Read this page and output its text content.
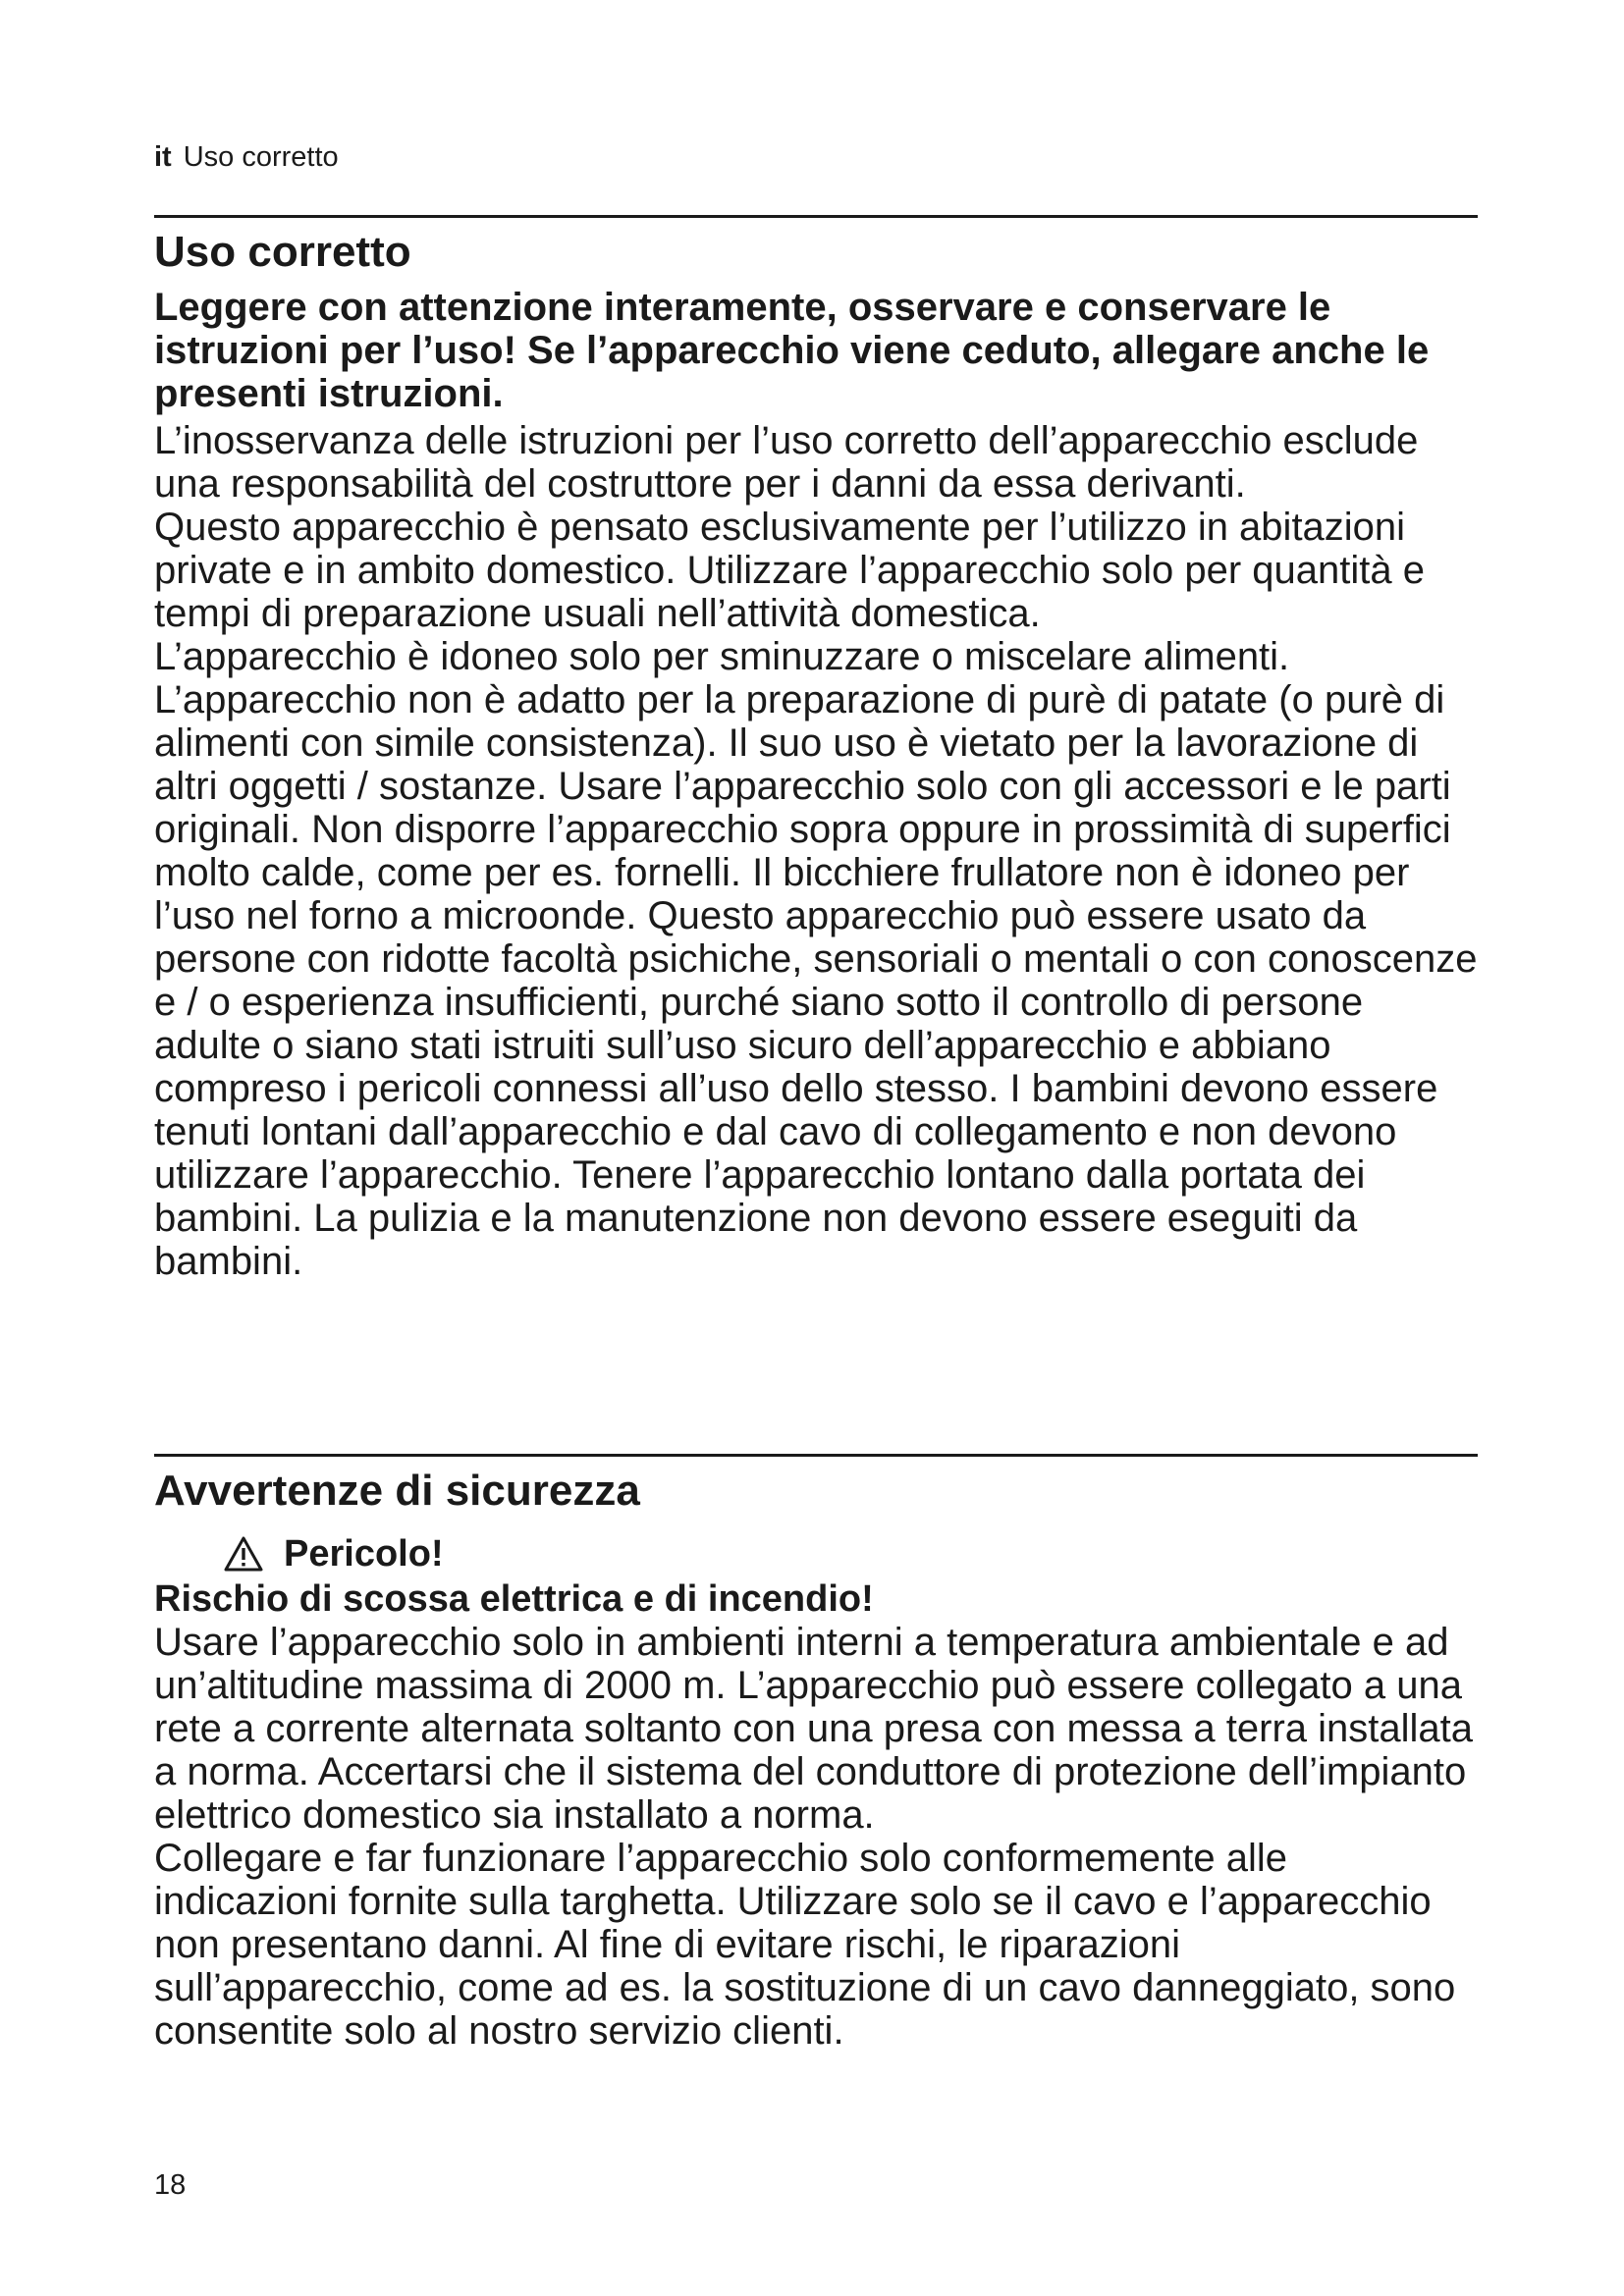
it Uso corretto
Uso corretto

Leggere con attenzione interamente, osservare e conservare le istruzioni per l’uso! Se l’apparecchio viene ceduto, allegare anche le presenti istruzioni.

L’inosservanza delle istruzioni per l’uso corretto dell’apparecchio esclude una responsabilità del costruttore per i danni da essa derivanti.

Questo apparecchio è pensato esclusivamente per l’utilizzo in abitazioni private e in ambito domestico. Utilizzare l’apparecchio solo per quantità e tempi di preparazione usuali nell’attività domestica.

L’apparecchio è idoneo solo per sminuzzare o miscelare alimenti. L’apparecchio non è adatto per la preparazione di purè di patate (o purè di alimenti con simile consistenza). Il suo uso è vietato per la lavorazione di altri oggetti / sostanze. Usare l’apparecchio solo con gli accessori e le parti originali. Non disporre l’apparecchio sopra oppure in prossimità di superfici molto calde, come per es. fornelli. Il bicchiere frullatore non è idoneo per l’uso nel forno a microonde. Questo apparecchio può essere usato da persone con ridotte facoltà psichiche, sensoriali o mentali o con conoscenze e / o esperienza insufficienti, purché siano sotto il controllo di persone adulte o siano stati istruiti sull’uso sicuro dell’apparecchio e abbiano compreso i pericoli connessi all’uso dello stesso. I bambini devono essere tenuti lontani dall’apparecchio e dal cavo di collegamento e non devono utilizzare l’apparecchio. Tenere l’apparecchio lontano dalla portata dei bambini. La pulizia e la manutenzione non devono essere eseguiti da bambini.

Avvertenze di sicurezza
Pericolo!
Rischio di scossa elettrica e di incendio!

Usare l’apparecchio solo in ambienti interni a temperatura ambientale e ad un’altitudine massima di 2000 m. L’apparecchio può essere collegato a una rete a corrente alternata soltanto con una presa con messa a terra installata a norma. Accertarsi che il sistema del conduttore di protezione dell’impianto elettrico domestico sia installato a norma.

Collegare e far funzionare l’apparecchio solo conformemente alle indicazioni fornite sulla targhetta. Utilizzare solo se il cavo e l’apparecchio non presentano danni. Al fine di evitare rischi, le riparazioni sull’apparecchio, come ad es. la sostituzione di un cavo danneggiato, sono consentite solo al nostro servizio clienti.

18
